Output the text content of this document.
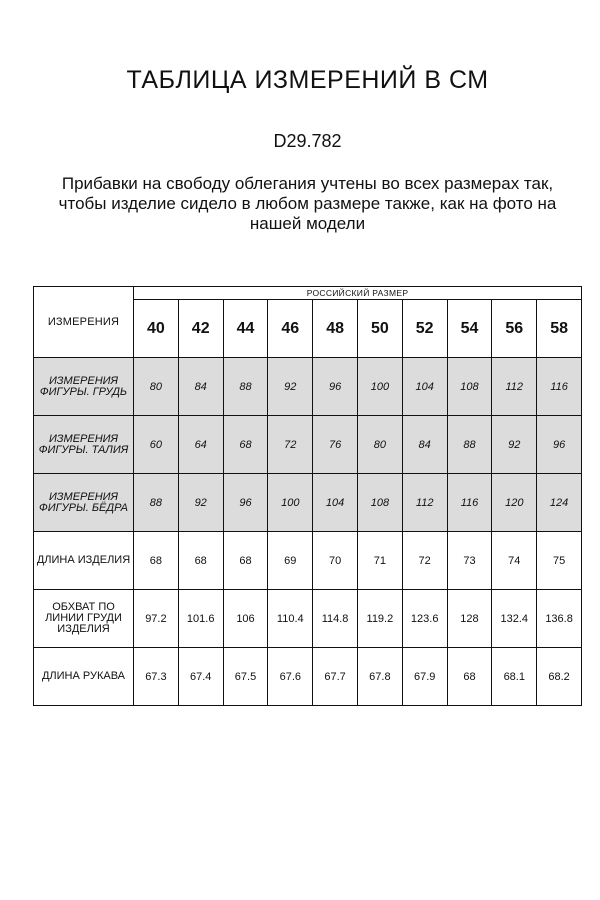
ТАБЛИЦА ИЗМЕРЕНИЙ В СМ
D29.782
Прибавки на свободу облегания учтены во всех размерах так, чтобы изделие сидело в любом размере также, как на фото на нашей модели
ИЗМЕРЕНИЯ	РОССИЙСКИЙ РАЗМЕР									
	40	42	44	46	48	50	52	54	56	58
ИЗМЕРЕНИЯ ФИГУРЫ. ГРУДЬ	80	84	88	92	96	100	104	108	112	116
ИЗМЕРЕНИЯ ФИГУРЫ. ТАЛИЯ	60	64	68	72	76	80	84	88	92	96
ИЗМЕРЕНИЯ ФИГУРЫ. БЁДРА	88	92	96	100	104	108	112	116	120	124
ДЛИНА ИЗДЕЛИЯ	68	68	68	69	70	71	72	73	74	75
ОБХВАТ ПО ЛИНИИ ГРУДИ ИЗДЕЛИЯ	97.2	101.6	106	110.4	114.8	119.2	123.6	128	132.4	136.8
ДЛИНА РУКАВА	67.3	67.4	67.5	67.6	67.7	67.8	67.9	68	68.1	68.2
